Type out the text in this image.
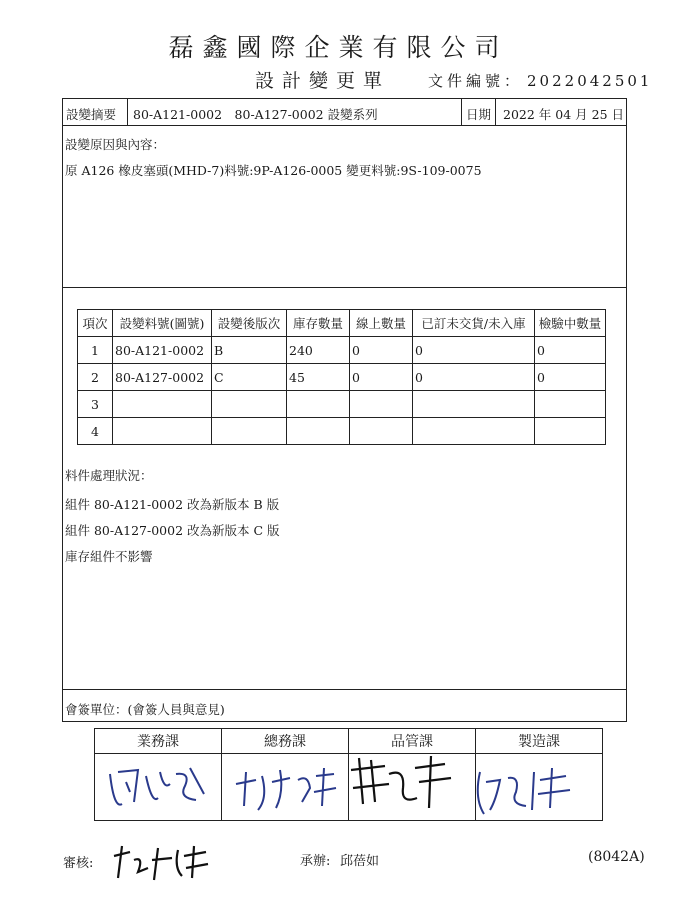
磊鑫國際企業有限公司
設計變更單	文件編號： 2022042501
設變摘要 80-A121-0002　80-A127-0002 設變系列	日期 2022 年 04 月 25 日
設變原因與內容：
原 A126 橡皮塞頭(MHD-7)料號:9P-A126-0005 變更料號:9S-109-0075
項次	設變料號(圖號)	設變後版次	庫存數量	線上數量	已訂未交貨/未入庫	檢驗中數量
1	80-A121-0002	B	240	0	0	0
2	80-A127-0002	C	45	0	0	0
3						
4						
料件處理狀況：
組件 80-A121-0002 改為新版本 B 版
組件 80-A127-0002 改為新版本 C 版
庫存組件不影響
會簽單位：(會簽人員與意見)
業務課	總務課	品管課	製造課

審核:	承辦: 邱蓓如	(8042A)
